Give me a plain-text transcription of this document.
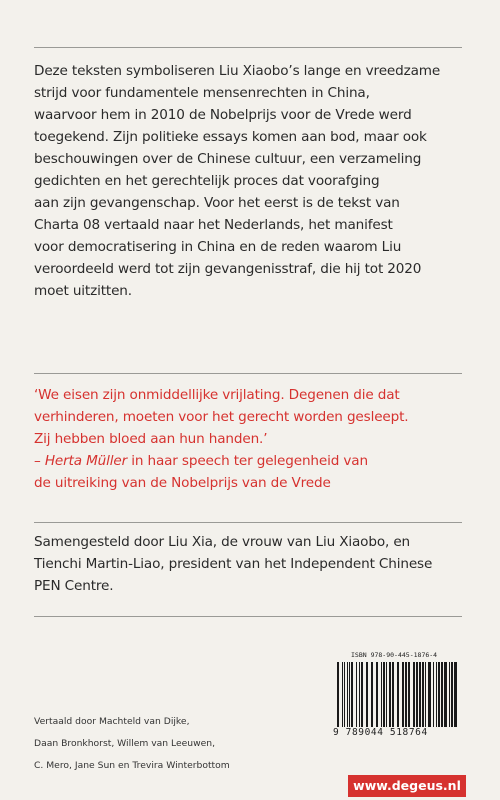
Deze teksten symboliseren Liu Xiaobo’s lange en vreedzame
strijd voor fundamentele mensenrechten in China,
waarvoor hem in 2010 de Nobelprijs voor de Vrede werd
toegekend. Zijn politieke essays komen aan bod, maar ook
beschouwingen over de Chinese cultuur, een verzameling
gedichten en het gerechtelijk proces dat voorafging
aan zijn gevangenschap. Voor het eerst is de tekst van
Charta 08 vertaald naar het Nederlands, het manifest
voor democratisering in China en de reden waarom Liu
veroordeeld werd tot zijn gevangenisstraf, die hij tot 2020
moet uitzitten.
‘We eisen zijn onmiddellijke vrijlating. Degenen die dat
verhinderen, moeten voor het gerecht worden gesleept.
Zij hebben bloed aan hun handen.’
– Herta Müller in haar speech ter gelegenheid van
de uitreiking van de Nobelprijs van de Vrede
Samengesteld door Liu Xia, de vrouw van Liu Xiaobo, en
Tienchi Martin-Liao, president van het Independent Chinese
PEN Centre.
Vertaald door Machteld van Dijke,
Daan Bronkhorst, Willem van Leeuwen,
C. Mero, Jane Sun en Trevira Winterbottom
ISBN 978-90-445-1876-4
9 789044 518764
www.degeus.nl
